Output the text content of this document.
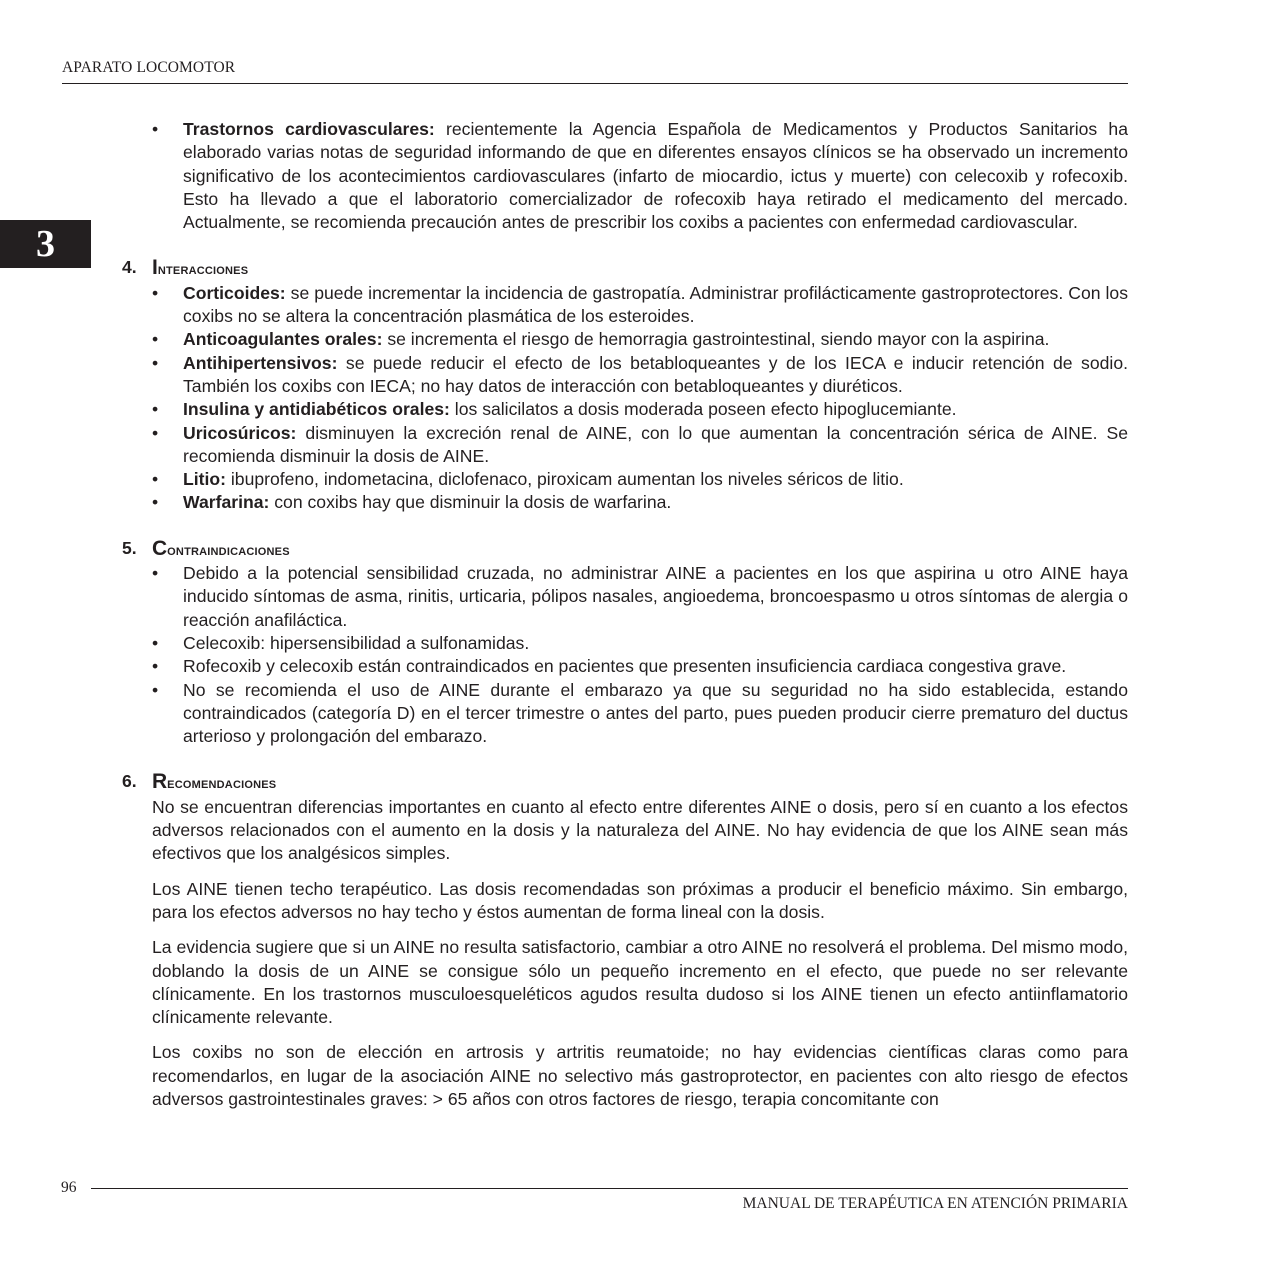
APARATO LOCOMOTOR
3
• Trastornos cardiovasculares: recientemente la Agencia Española de Medicamentos y Productos Sanitarios ha elaborado varias notas de seguridad informando de que en diferentes ensayos clínicos se ha observado un incremento significativo de los acontecimientos cardiovasculares (infarto de miocardio, ictus y muerte) con celecoxib y rofecoxib. Esto ha llevado a que el laboratorio comercializador de rofecoxib haya retirado el medicamento del mercado. Actualmente, se recomienda precaución antes de prescribir los coxibs a pacientes con enfermedad cardiovascular.
4. Interacciones
• Corticoides: se puede incrementar la incidencia de gastropatía. Administrar profilácticamente gastroprotectores. Con los coxibs no se altera la concentración plasmática de los esteroides.
• Anticoagulantes orales: se incrementa el riesgo de hemorragia gastrointestinal, siendo mayor con la aspirina.
• Antihipertensivos: se puede reducir el efecto de los betabloqueantes y de los IECA e inducir retención de sodio. También los coxibs con IECA; no hay datos de interacción con betabloqueantes y diuréticos.
• Insulina y antidiabéticos orales: los salicilatos a dosis moderada poseen efecto hipoglucemiante.
• Uricosúricos: disminuyen la excreción renal de AINE, con lo que aumentan la concentración sérica de AINE. Se recomienda disminuir la dosis de AINE.
• Litio: ibuprofeno, indometacina, diclofenaco, piroxicam aumentan los niveles séricos de litio.
• Warfarina: con coxibs hay que disminuir la dosis de warfarina.
5. Contraindicaciones
• Debido a la potencial sensibilidad cruzada, no administrar AINE a pacientes en los que aspirina u otro AINE haya inducido síntomas de asma, rinitis, urticaria, pólipos nasales, angioedema, broncoespasmo u otros síntomas de alergia o reacción anafiláctica.
• Celecoxib: hipersensibilidad a sulfonamidas.
• Rofecoxib y celecoxib están contraindicados en pacientes que presenten insuficiencia cardiaca congestiva grave.
• No se recomienda el uso de AINE durante el embarazo ya que su seguridad no ha sido establecida, estando contraindicados (categoría D) en el tercer trimestre o antes del parto, pues pueden producir cierre prematuro del ductus arterioso y prolongación del embarazo.
6. Recomendaciones

No se encuentran diferencias importantes en cuanto al efecto entre diferentes AINE o dosis, pero sí en cuanto a los efectos adversos relacionados con el aumento en la dosis y la naturaleza del AINE. No hay evidencia de que los AINE sean más efectivos que los analgésicos simples.

Los AINE tienen techo terapéutico. Las dosis recomendadas son próximas a producir el beneficio máximo. Sin embargo, para los efectos adversos no hay techo y éstos aumentan de forma lineal con la dosis.

La evidencia sugiere que si un AINE no resulta satisfactorio, cambiar a otro AINE no resolverá el problema. Del mismo modo, doblando la dosis de un AINE se consigue sólo un pequeño incremento en el efecto, que puede no ser relevante clínicamente. En los trastornos musculoesqueléticos agudos resulta dudoso si los AINE tienen un efecto antiinflamatorio clínicamente relevante.

Los coxibs no son de elección en artrosis y artritis reumatoide; no hay evidencias científicas claras como para recomendarlos, en lugar de la asociación AINE no selectivo más gastroprotector, en pacientes con alto riesgo de efectos adversos gastrointestinales graves: > 65 años con otros factores de riesgo, terapia concomitante con

96
MANUAL DE TERAPÉUTICA EN ATENCIÓN PRIMARIA
